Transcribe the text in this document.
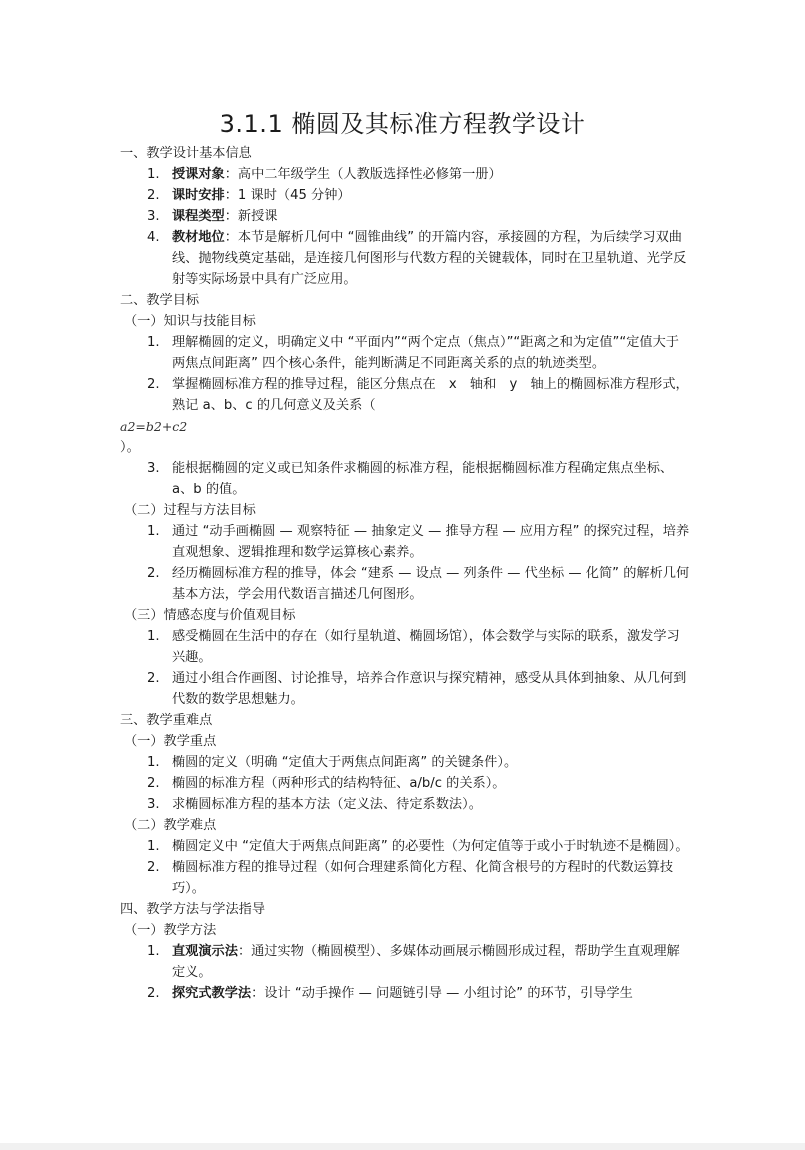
3.1.1 椭圆及其标准方程教学设计

一、教学设计基本信息

1. 授课对象：高中二年级学生（人教版选择性必修第一册）

2. 课时安排：1 课时（45 分钟）

3. 课程类型：新授课

4. 教材地位：本节是解析几何中 “圆锥曲线” 的开篇内容，承接圆的方程，为后续学习双曲线、抛物线奠定基础，是连接几何图形与代数方程的关键载体，同时在卫星轨道、光学反射等实际场景中具有广泛应用。

二、教学目标

（一）知识与技能目标

1. 理解椭圆的定义，明确定义中 “平面内”“两个定点（焦点）”“距离之和为定值”“定值大于两焦点间距离” 四个核心条件，能判断满足不同距离关系的点的轨迹类型。

2. 掌握椭圆标准方程的推导过程，能区分焦点在　x　轴和　y　轴上的椭圆标准方程形式，熟记 a、b、c 的几何意义及关系（

a2=b2+c2

）。

3. 能根据椭圆的定义或已知条件求椭圆的标准方程，能根据椭圆标准方程确定焦点坐标、a、b 的值。

（二）过程与方法目标

1. 通过 “动手画椭圆 — 观察特征 — 抽象定义 — 推导方程 — 应用方程” 的探究过程，培养直观想象、逻辑推理和数学运算核心素养。

2. 经历椭圆标准方程的推导，体会 “建系 — 设点 — 列条件 — 代坐标 — 化简” 的解析几何基本方法，学会用代数语言描述几何图形。

（三）情感态度与价值观目标

1. 感受椭圆在生活中的存在（如行星轨道、椭圆场馆），体会数学与实际的联系，激发学习兴趣。

2. 通过小组合作画图、讨论推导，培养合作意识与探究精神，感受从具体到抽象、从几何到代数的数学思想魅力。

三、教学重难点

（一）教学重点

1. 椭圆的定义（明确 “定值大于两焦点间距离” 的关键条件）。

2. 椭圆的标准方程（两种形式的结构特征、a/b/c 的关系）。

3. 求椭圆标准方程的基本方法（定义法、待定系数法）。

（二）教学难点

1. 椭圆定义中 “定值大于两焦点间距离” 的必要性（为何定值等于或小于时轨迹不是椭圆）。

2. 椭圆标准方程的推导过程（如何合理建系简化方程、化简含根号的方程时的代数运算技巧）。

四、教学方法与学法指导

（一）教学方法

1. 直观演示法：通过实物（椭圆模型）、多媒体动画展示椭圆形成过程，帮助学生直观理解定义。

2. 探究式教学法：设计 “动手操作 — 问题链引导 — 小组讨论” 的环节，引导学生
